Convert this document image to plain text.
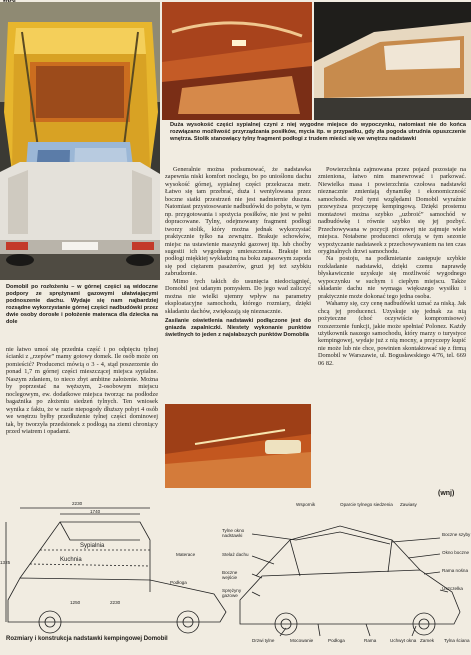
Domobil po rozłożeniu – w górnej części są widoczne podpory ze sprężynami gazowymi ułatwiającymi podnoszenie dachu. Wydaje się nam najbardziej rozsądne wykorzystanie górnej części nadbudówki przez dwie osoby dorosłe i położenie materaca dla dziecka na dole
Duża wysokość części sypialnej czyni z niej wygodne miejsce do wypoczynku, natomiast nie do końca rozwiązano możliwość przyrządzania posiłków, mycia itp. w przypadku, gdy zła pogoda utrudnia opuszczenie wnętrza. Stolik stanowiący tylny fragment podłogi z trudem mieści się we wnętrzu nadstawki

nie łatwo umoś się przednia część i po odpięciu tylnej ścianki z „rzepów” mamy gotowy domek. Ile osób może on pomieścić? Producenci mówią o 3 - 4, stąd poszerzenie do ponad 1,7 m górnej części mieszczącej miejsca sypialne. Naszym zdaniem, to nieco zbyt ambitne założenie. Można by poprzestać na węższym, 2-osobowym miejscu noclegowym, ew. dodatkowe miejsca tworząc na podłodze bagażnika po złożeniu siedzeń tylnych. Ten wniosek wynika z faktu, że w razie niepogody dłuższy pobyt 4 osób we wnętrzu byłby przedłużenie tylnej części dominowej tak, by tworzyła przedsionek z podłogą na ziemi chroniący przed wiatrem i opadami.

Generalnie można podsumować, że nadstawka zapewnia niski komfort noclegu, bo po unioślonu dachu wysokość górnej, sypialnej części przekracza metr. Łatwo się tam przebrać, duża i wentylowana przez boczne siatki przestrzeń nie jest nadmiernie duszna. Natomiast przystosowanie nadbudówki do pobytu, w tym np. przygotowania i spożycia posiłków, nie jest w pełni dopracowane. Tylny, odejmowany fragment podłogi tworzy stolik, który można jednak wykorzystać praktycznie tylko na zewnątrz. Brakuje schowków, miejsc na ustawienie maszynki gazowej itp. lub choćby sugestii ich wygodnego umieszczenia. Brakuje też podłogi miękkiej wykładziną na boku zapasowym zapoda się pod ciężarem pasażerów, gruzi jej też szybkiu zabrudzenie.

Mimo tych takich do usunięcia niedociągnięć, Domobil jest udanym pomysłem. Do jego wad zaliczyć można nie wielki ujemny wpływ na parametry eksploatacyjne samochodu, którego rozmiary, dzięki składaniu dachów, zwiększają się nieznacznie.

Zasilanie oświetlenia nadstawki podłączone jest do gniazda zapalniczki. Niestety wykonanie punktów świetlnych to jeden z najsłabszych punktów Domobila

Powierzchnia zajmowana przez pojazd pozostaje na zmieniona, łatwo nim manewrować i parkować. Niewielka masa i powierzchnia czołowa nadstawki nieznacznie zmieniają dynamikę i ekonomiczność samochodu. Pod tymi względami Domobil wyraźnie przewyższa przyczepę kempingową. Dzięki prostemu montażowi można szybko „uzbroić” samochód w nadbudówkę i równie szybko się jej pozbyć. Przechowywana w pozycji pionowej nie zajmuje wiele miejsca. Notabene producenci oferują w tym sezonie wypożyczanie nadstawek z przechowywaniem na ten czas oryginalnych drzwi samochodu.

Na postoju, na podkmietanie zastępuje szybkie rozkładanie nadstawki, dzięki czemu naprawdę błyskawicznie uzyskuje się możliwość wygodnego wypoczynku w suchym i ciepłym miejscu. Także składanie dachu nie wymaga większego wysiłku i praktycznie może dokonać tego jedna osoba.

Wahamy się, czy cenę nadbudówki uznać za niską. Jak chcą jej producenci. Uzyskuje się jednak za nią pożyteczne (choć oczywiście kompromisowe) rozszerzenie funkcji, jakie może spełniać Polonez. Każdy użytkownik naszego samochodu, który marzy o turystyce kempingowej, wydaje już z nią mocny, a przyczepy kupić nie może lub nie chce, powinien skontaktować się z firmą Domobil w Warszawie, ul. Bogusławskiego 4/76, tel. 669 06 82.

(wnj)
2230
1740
1325
Sypialnia
Kuchnia
Materace
Podłoga
1250	2230
Tylne okno nadstawki
Stelaż dachu
Boczne wejście
Sprężyny gazowe
Boczne szyby
Okno boczne
Rama nośna
Uszczelka
Oparcie tylnego siedzenia	Zawiasy
Wspornik
Drzwi tylne	Mocowanie	Podłoga	Rama	Uchwyt okna Zamek	Tylna ściana
Rozmiary i konstrukcja nadstawki kempingowej Domobil
